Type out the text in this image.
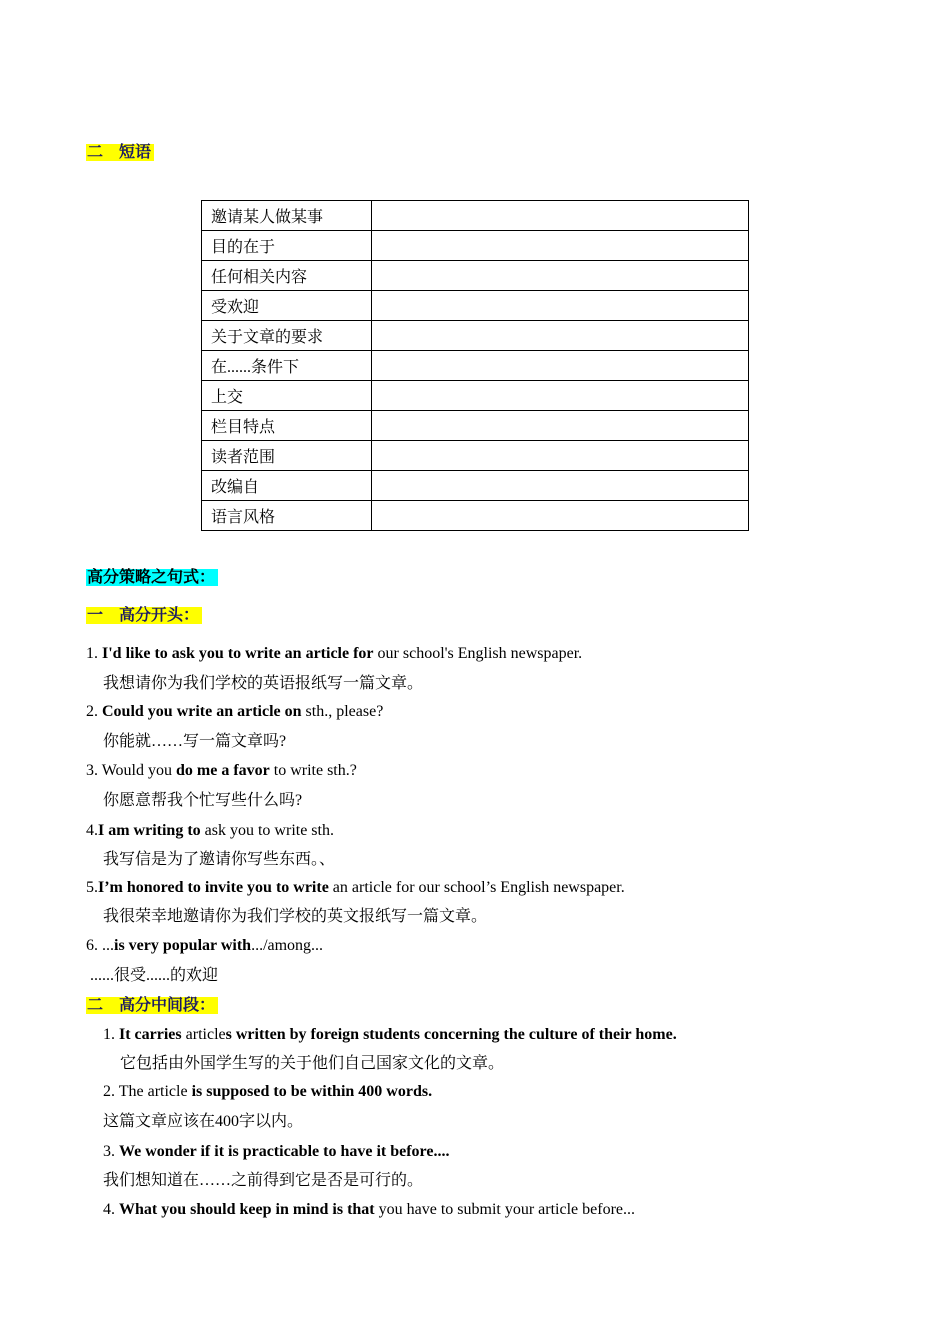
二　短语
邀请某人做某事	
目的在于	
任何相关内容	
受欢迎	
关于文章的要求	
在......条件下	
上交	
栏目特点	
读者范围	
改编自	
语言风格	
高分策略之句式：
一　高分开头：
1. I'd like to ask you to write an article for our school's English newspaper.
我想请你为我们学校的英语报纸写一篇文章。
2. Could you write an article on sth., please?
你能就……写一篇文章吗?
3. Would you do me a favor to write sth.?
你愿意帮我个忙写些什么吗?
4.I am writing to ask you to write sth.
我写信是为了邀请你写些东西。、
5.I’m honored to invite you to write an article for our school’s English newspaper.
我很荣幸地邀请你为我们学校的英文报纸写一篇文章。
6. ...is very popular with.../among...
......很受......的欢迎
二　高分中间段：
1. It carries articles written by foreign students concerning the culture of their home.
它包括由外国学生写的关于他们自己国家文化的文章。
2. The article is supposed to be within 400 words.
这篇文章应该在400字以内。
3. We wonder if it is practicable to have it before....
我们想知道在……之前得到它是否是可行的。
4. What you should keep in mind is that you have to submit your article before...
